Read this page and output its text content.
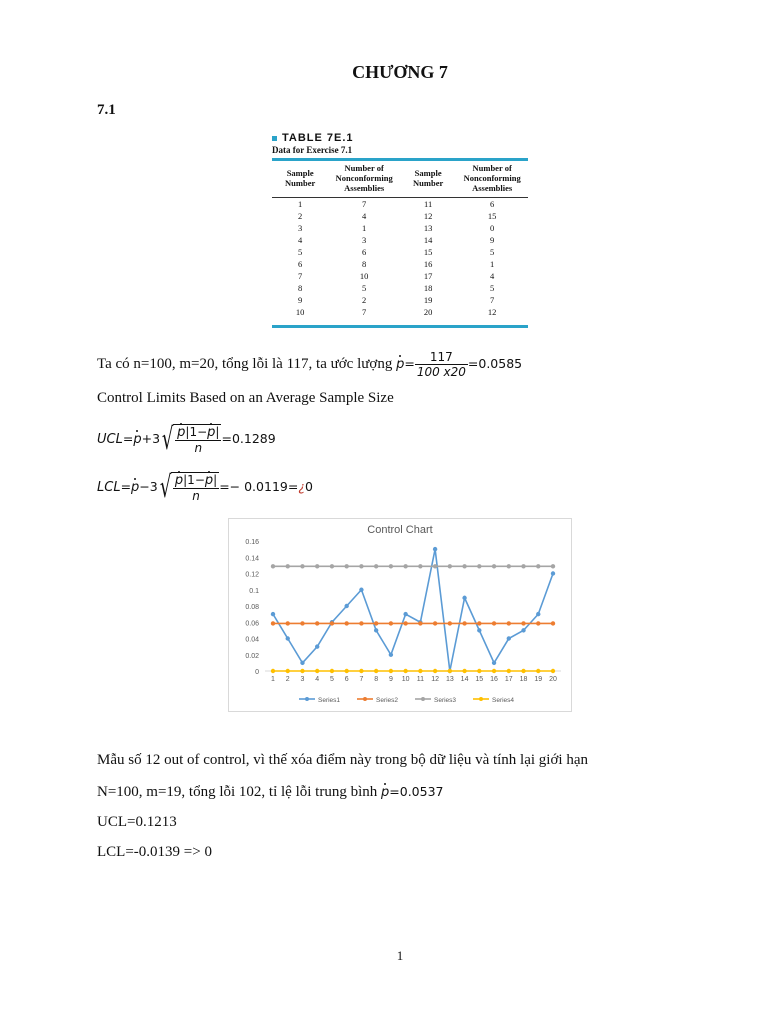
CHƯƠNG 7
7.1
TABLE 7E.1
Data for Exercise 7.1
Sample Number	Number of Nonconforming Assemblies	Sample Number	Number of Nonconforming Assemblies
1	7	11	6
2	4	12	15
3	1	13	0
4	3	14	9
5	6	15	5
6	8	16	1
7	10	17	4
8	5	18	5
9	2	19	7
10	7	20	12
Ta có n=100, m=20, tổng lỗi là 117, ta ước lượng $p= \frac{117}{100 x20} =0.0585$
Control Limits Based on an Average Sample Size
$UCL=p+3√ \frac{p|1-p|}{n} =0.1289$
$LCL=p-3√ \frac{p|1-p|}{n}$ =− 0.0119=¿0
Control Chart
0
0.02
0.04
0.06
0.08
0.1
0.12
0.14
0.16
1 2 3 4 5 6 7 8 9 10 11 12 13 14 15 16 17 18 19 20
Series1	Series2	Series3	Series4
Mẫu số 12 out of control, vì thế xóa điểm này trong bộ dữ liệu và tính lại giới hạn
N=100, m=19, tổng lỗi 102, tỉ lệ lỗi trung bình p=0.0537
UCL=0.1213
LCL=-0.0139 => 0
1
